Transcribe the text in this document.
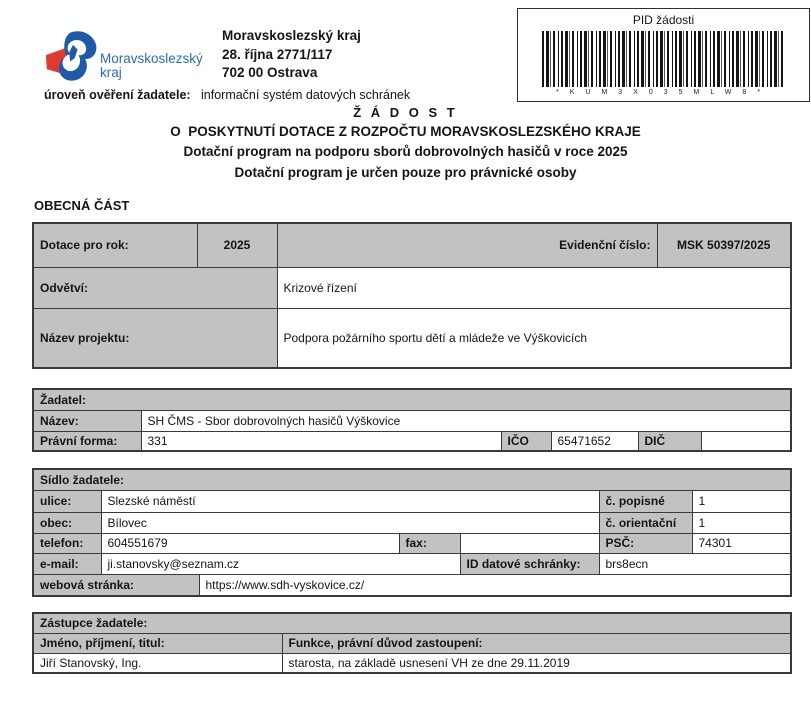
Moravskoslezský
kraj
Moravskoslezský kraj
28. října 2771/117
702 00 Ostrava
úroveň ověření žadatele: informační systém datových schránek
PID žádosti
*KUM3X035MLW8*
Ž Á D O S T
O  POSKYTNUTÍ DOTACE Z ROZPOČTU MORAVSKOSLEZSKÉHO KRAJE
Dotační program na podporu sborů dobrovolných hasičů v roce 2025
Dotační program je určen pouze pro právnické osoby
OBECNÁ ČÁST
Dotace pro rok:	2025	Evidenční číslo:	MSK 50397/2025
Odvětví:		Krizové řízení	
Název projektu:		Podpora požárního sportu dětí a mládeže ve Výškovicích	
Žadatel:					
Název:	SH ČMS - Sbor dobrovolných hasičů Výškovice				
Právní forma:	331	IČO	65471652	DIČ	
Sídlo žadatele:						
ulice:	Slezské náměstí				č. popisné	1
obec:	Bílovec				č. orientační	1
telefon:	604551679		fax:		PSČ:	74301
e-mail:	ji.stanovsky@seznam.cz			ID datové schránky:	brs8ecn	
webová stránka:		https://www.sdh-vyskovice.cz/				
Zástupce žadatele:	
Jméno, příjmení, titul:	Funkce, právní důvod zastoupení:
Jiří Stanovský, Ing.	starosta, na základě usnesení VH ze dne 29.11.2019
